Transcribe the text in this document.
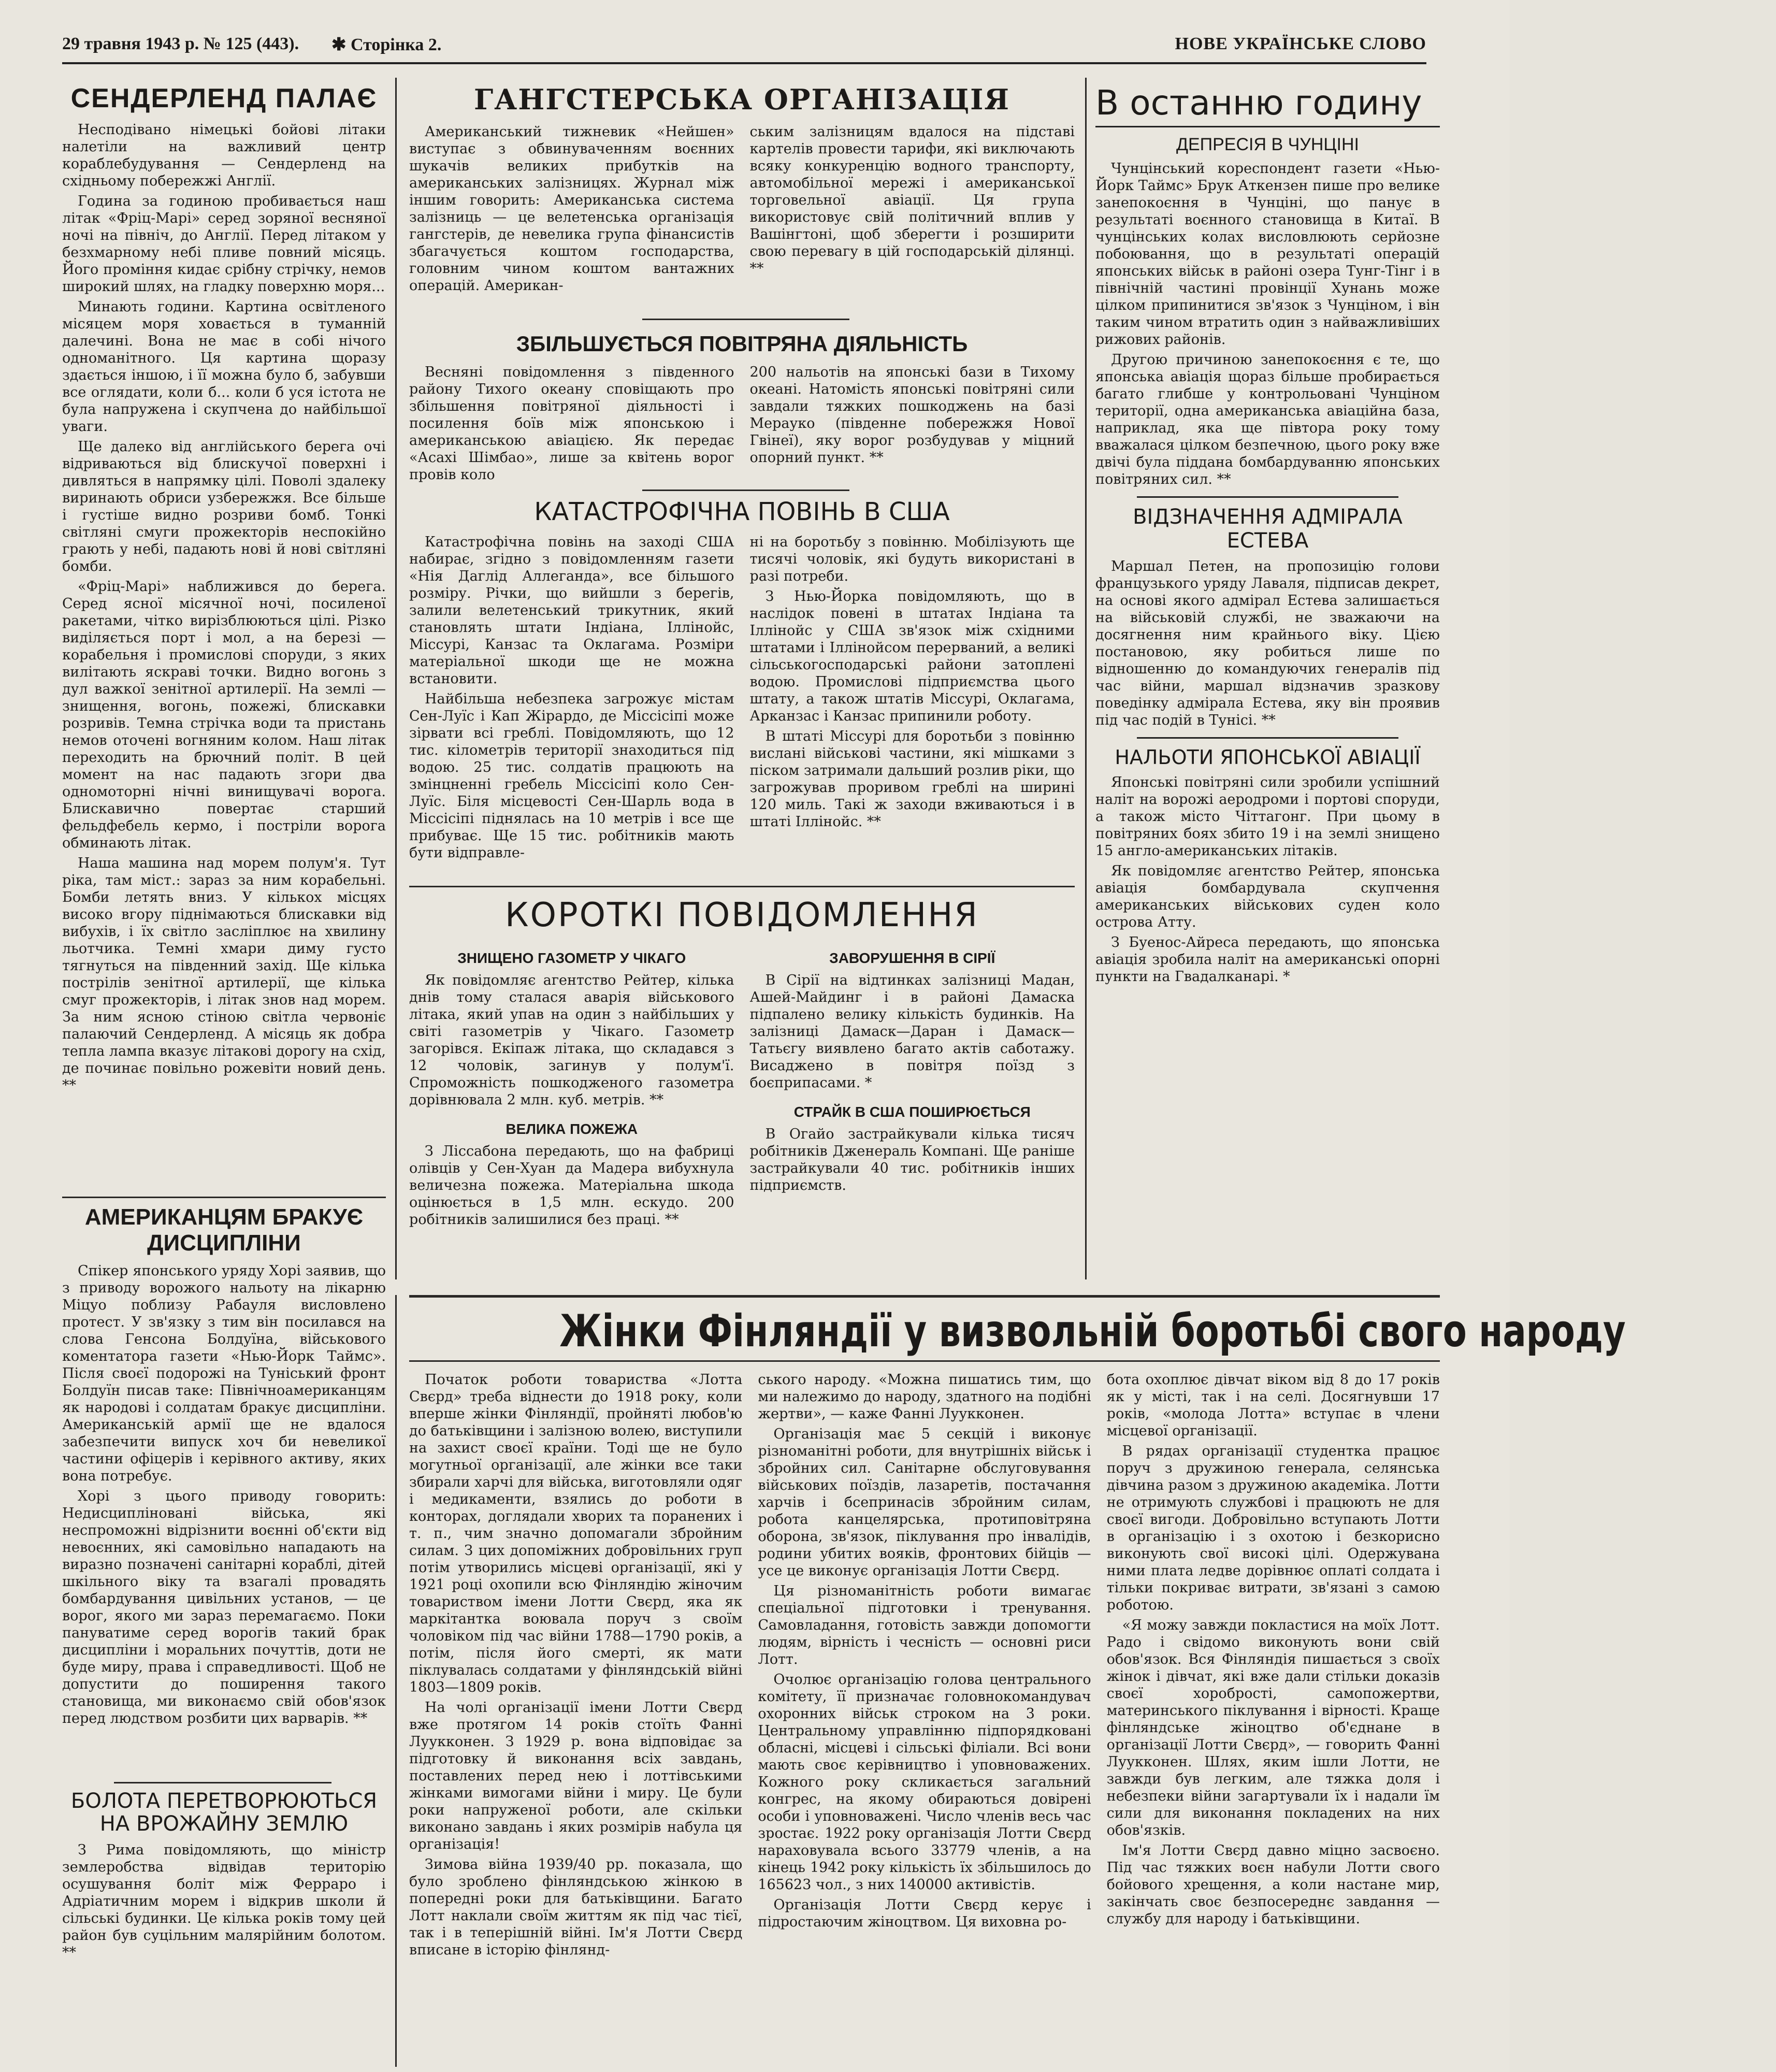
29 травня 1943 р. № 125 (443). ✱ Сторінка 2.	НОВЕ УКРАЇНСЬКЕ СЛОВО
СЕНДЕРЛЕНД ПАЛАЄ

Несподівано німецькі бойові літаки налетіли на важливий центр кораблебудування — Сендерленд на східньому побережжі Англії.

Година за годиною пробивається наш літак «Фріц-Марі» серед зоряної весняної ночі на північ, до Англії. Перед літаком у безхмарному небі пливе повний місяць. Його проміння кидає срібну стрічку, немов широкий шлях, на гладку поверхню моря...

Минають години. Картина освітленого місяцем моря ховається в туманній далечині. Вона не має в собі нічого одноманітного. Ця картина щоразу здається іншою, і її можна було б, забувши все оглядати, коли б... коли б уся істота не була напружена і скупчена до найбільшої уваги.

Ще далеко від англійського берега очі відриваються від блискучої поверхні і дивляться в напрямку цілі. Поволі здалеку виринають обриси узбережжя. Все більше і густіше видно розриви бомб. Тонкі світляні смуги прожекторів неспокійно грають у небі, падають нові й нові світляні бомби.

«Фріц-Марі» наближився до берега. Серед ясної місячної ночі, посиленої ракетами, чітко вирізблюються цілі. Різко виділяється порт і мол, а на березі — корабельня і промислові споруди, з яких вилітають яскраві точки. Видно вогонь з дул важкої зенітної артилерії. На землі — знищення, вогонь, пожежі, блискавки розривів. Темна стрічка води та пристань немов оточені вогняним колом. Наш літак переходить на брючний політ. В цей момент на нас падають згори два одномоторні нічні винищувачі ворога. Блискавично повертає старший фельдфебель кермо, і постріли ворога обминають літак.

Наша машина над морем полум'я. Тут ріка, там міст.: зараз за ним корабельні. Бомби летять вниз. У кількох місцях високо вгору піднімаються блискавки від вибухів, і їх світло засліплює на хвилину льотчика. Темні хмари диму густо тягнуться на південний захід. Ще кілька пострілів зенітної артилерії, ще кілька смуг прожекторів, і літак знов над морем. За ним ясною стіною світла червоніє палаючий Сендерленд. А місяць як добра тепла лампа вказує літакові дорогу на схід, де починає повільно рожевіти новий день. **

АМЕРИКАНЦЯМ БРАКУЄ ДИСЦИПЛІНИ

Спікер японського уряду Хорі заявив, що з приводу ворожого нальоту на лікарню Міцуо поблизу Рабауля висловлено протест. У зв'язку з тим він посилався на слова Генсона Болдуїна, військового коментатора газети «Нью-Йорк Таймс». Після своєї подорожі на Туніський фронт Болдуїн писав таке: Північноамериканцям як народові і солдатам бракує дисципліни. Американській армії ще не вдалося забезпечити випуск хоч би невеликої частини офіцерів і керівного активу, яких вона потребує.

Хорі з цього приводу говорить: Недисципліновані війська, які неспроможні відрізнити воєнні об'єкти від невоєнних, які самовільно нападають на виразно позначені санітарні кораблі, дітей шкільного віку та взагалі провадять бомбардування цивільних установ, — це ворог, якого ми зараз перемагаємо. Поки пануватиме серед ворогів такий брак дисципліни і моральних почуттів, доти не буде миру, права і справедливості. Щоб не допустити до поширення такого становища, ми виконаємо свій обов'язок перед людством розбити цих варварів. **

БОЛОТА ПЕРЕТВОРЮЮТЬСЯ НА ВРОЖАЙНУ ЗЕМЛЮ

З Рима повідомляють, що міністр землеробства відвідав територію осушування боліт між Ферраро і Адріатичним морем і відкрив школи й сільські будинки. Це кілька років тому цей район був суцільним малярійним болотом. **

ГАНГСТЕРСЬКА ОРГАНІЗАЦІЯ

Американський тижневик «Нейшен» виступає з обвинуваченням воєнних шукачів великих прибутків на американських залізницях. Журнал між іншим говорить: Американська система залізниць — це велетенська організація гангстерів, де невелика група фінансистів збагачується коштом господарства, головним чином коштом вантажних операцій. Американ-

ським залізницям вдалося на підставі картелів провести тарифи, які виключають всяку конкуренцію водного транспорту, автомобільної мережі і американської торговельної авіації. Ця група використовує свій політичний вплив у Вашінгтоні, щоб зберегти і розширити свою перевагу в цій господарській ділянці. **

ЗБІЛЬШУЄТЬСЯ ПОВІТРЯНА ДІЯЛЬНІСТЬ

Весняні повідомлення з південного району Тихого океану сповіщають про збільшення повітряної діяльності і посилення боїв між японською і американською авіацією. Як передає «Асахі Шімбао», лише за квітень ворог провів коло

200 нальотів на японські бази в Тихому океані. Натомість японські повітряні сили завдали тяжких пошкоджень на базі Мераукo (південне побережжя Нової Гвінеї), яку ворог розбудував у міцний опорний пункт. **

КАТАСТРОФІЧНА ПОВІНЬ В США

Катастрофічна повінь на заході США набирає, згідно з повідомленням газети «Нія Даглід Аллеганда», все більшого розміру. Річки, що вийшли з берегів, залили велетенський трикутник, який становлять штати Індіана, Іллінойс, Міссурі, Канзас та Оклагама. Розміри матеріальної шкоди ще не можна встановити.

Найбільша небезпека загрожує містам Сен-Луїс і Кап Жірардо, де Міссісіпі може зірвати всі греблі. Повідомляють, що 12 тис. кілометрів території знаходиться під водою. 25 тис. солдатів працюють на змінцненні гребель Міссісіпі коло Сен-Луїс. Біля місцевості Сен-Шарль вода в Міссісіпі піднялась на 10 метрів і все ще прибуває. Ще 15 тис. робітників мають бути відправле-

ні на боротьбу з повінню. Мобілізують ще тисячі чоловік, які будуть використані в разі потреби.

З Нью-Йорка повідомляють, що в наслідок повені в штатах Індіана та Іллінойс у США зв'язок між східними штатами і Іллінойсом перерваний, а великі сільськогосподарські райони затоплені водою. Промислові підприємства цього штату, а також штатів Міссурі, Оклагама, Арканзас і Канзас припинили роботу.

В штаті Міссурі для боротьби з повінню вислані військові частини, які мішками з піском затримали дальший розлив ріки, що загрожував проривом греблі на ширині 120 миль. Такі ж заходи вживаються і в штаті Іллінойс. **

КОРОТКІ ПОВІДОМЛЕННЯ
ЗНИЩЕНО ГАЗОМЕТР У ЧІКАГО

Як повідомляє агентство Рейтер, кілька днів тому сталася аварія військового літака, який упав на один з найбільших у світі газометрів у Чікаго. Газометр загорівся. Екіпаж літака, що складався з 12 чоловік, загинув у полум'ї. Спроможність пошкодженого газометра дорівнювала 2 млн. куб. метрів. **

ВЕЛИКА ПОЖЕЖА

З Ліссабона передають, що на фабриці олівців у Сен-Хуан да Мадера вибухнула величезна пожежа. Матеріальна шкода оцінюється в 1,5 млн. ескудо. 200 робітників залишилися без праці. **

ЗАВОРУШЕННЯ В СІРІЇ

В Сірії на відтинках залізниці Мадан, Ашей-Майдинг і в районі Дамаска підпалено велику кількість будинків. На залізниці Дамаск—Даран і Дамаск—Татьєгу виявлено багато актів саботажу. Висаджено в повітря поїзд з боєприпасами. *

СТРАЙК В США ПОШИРЮЄТЬСЯ

В Огайо застрайкували кілька тисяч робітників Дженераль Компані. Ще раніше застрайкували 40 тис. робітників інших підприємств.

В останню годину
ДЕПРЕСІЯ В ЧУНЦІНІ

Чунцінський кореспондент газети «Нью-Йорк Таймс» Брук Аткензен пише про велике занепокоєння в Чунціні, що панує в результаті воєнного становища в Китаї. В чунцінських колах висловлюють серйозне побоювання, що в результаті операцій японських військ в районі озера Тунг-Тінг і в північній частині провінції Хунань може цілком припинитися зв'язок з Чунціном, і він таким чином втратить один з найважливіших рижових районів.

Другою причиною занепокоєння є те, що японська авіація щораз більше пробирається багато глибше у контрольовані Чунціном території, одна американська авіаційна база, наприклад, яка ще півтора року тому вважалася цілком безпечною, цього року вже двічі була піддана бомбардуванню японських повітряних сил. **

ВІДЗНАЧЕННЯ АДМІРАЛА ЕСТЕВА

Маршал Петен, на пропозицію голови французького уряду Лаваля, підписав декрет, на основі якого адмірал Естева залишається на військовій службі, не зважаючи на досягнення ним крайнього віку. Цією постановою, яку робиться лише по відношенню до командуючих генералів під час війни, маршал відзначив зразкову поведінку адмірала Естева, яку він проявив під час подій в Тунісі. **

НАЛЬОТИ ЯПОНСЬКОЇ АВІАЦІЇ

Японські повітряні сили зробили успішний наліт на ворожі аеродроми і портові споруди, а також місто Чіттагонг. При цьому в повітряних боях збито 19 і на землі знищено 15 англо-американських літаків.

Як повідомляє агентство Рейтер, японська авіація бомбардувала скупчення американських військових суден коло острова Атту.

З Буеноc-Айреса передають, що японська авіація зробила наліт на американські опорні пункти на Гвадалканарі. *

Жінки Фінляндії у визвольній боротьбі свого народу

Початок роботи товариства «Лотта Свєрд» треба віднести до 1918 року, коли вперше жінки Фінляндії, пройняті любов'ю до батьківщини і залізною волею, виступили на захист своєї країни. Тоді ще не було могутньої організації, але жінки все таки збирали харчі для війська, виготовляли одяг і медикаменти, взялись до роботи в конторах, доглядали хворих та поранених і т. п., чим значно допомагали збройним силам. З цих допоміжних добровільних груп потім утворились місцеві організації, які у 1921 році охопили всю Фінляндію жіночим товариством імени Лотти Свєрд, яка як маркітантка воювала поруч з своїм чоловіком під час війни 1788—1790 років, а потім, після його смерті, як мати піклувалась солдатами у фінляндській війні 1803—1809 років.

На чолі організації імени Лотти Свєрд вже протягом 14 років стоїть Фанні Луукконен. З 1929 р. вона відповідає за підготовку й виконання всіх завдань, поставлених перед нею і лоттівськими жінками вимогами війни і миру. Це були роки напруженої роботи, але скільки виконано завдань і яких розмірів набула ця організація!

Зимова війна 1939/40 рр. показала, що було зроблено фінляндською жінкою в попередні роки для батьківщини. Багато Лотт наклали своїм життям як під час тієї, так і в теперішній війні. Ім'я Лотти Свєрд вписане в історію фінлянд-

ського народу. «Можна пишатись тим, що ми належимо до народу, здатного на подібні жертви», — каже Фанні Луукконен.

Організація має 5 секцій і виконує різноманітні роботи, для внутрішніх військ і збройних сил. Санітарне обслуговування військових поїздів, лазаретів, постачання харчів і бсепринасів збройним силам, робота канцелярська, протиповітряна оборона, зв'язок, піклування про інвалідів, родини убитих вояків, фронтових бійців — усе це виконує організація Лотти Свєрд.

Ця різноманітність роботи вимагає спеціальної підготовки і тренування. Самовладання, готовість завжди допомогти людям, вірність і чесність — основні риси Лотт.

Очолює організацію голова центрального комітету, її призначає головнокомандувач охоронних військ строком на 3 роки. Центральному управлінню підпорядковані обласні, місцеві і сільські філіали. Всі вони мають своє керівництво і уповноважених. Кожного року скликається загальний конгрес, на якому обираються довірені особи і уповноважені. Число членів весь час зростає. 1922 року організація Лотти Свєрд нараховувала всього 33779 членів, а на кінець 1942 року кількість їх збільшилось до 165623 чол., з них 140000 активістів.

Організація Лотти Свєрд керує і підростаючим жіноцтвом. Ця виховна ро-

бота охоплює дівчат віком від 8 до 17 років як у місті, так і на селі. Досягнувши 17 років, «молода Лотта» вступає в члени місцевої організації.

В рядах організації студентка працює поруч з дружиною генерала, селянська дівчина разом з дружиною академіка. Лотти не отримують службові і працюють не для своєї вигоди. Добровільно вступають Лотти в організацію і з охотою і безкорисно виконують свої високі цілі. Одержувана ними плата ледве дорівнює оплаті солдата і тільки покриває витрати, зв'язані з самою роботою.

«Я можу завжди покластися на моїх Лотт. Радо і свідомо виконують вони свій обов'язок. Вся Фінляндія пишається з своїх жінок і дівчат, які вже дали стільки доказів своєї хоробрості, самопожертви, материнського піклування і вірності. Краще фінляндське жіноцтво об'єднане в організації Лотти Свєрд», — говорить Фанні Луукконен. Шлях, яким ішли Лотти, не завжди був легким, але тяжка доля і небезпеки війни загартували їх і надали їм сили для виконання покладених на них обов'язків.

Ім'я Лотти Свєрд давно міцно засвоєно. Під час тяжких воєн набули Лотти свого бойового хрещення, а коли настане мир, закінчать своє безпосереднє завдання — службу для народу і батьківщини.
